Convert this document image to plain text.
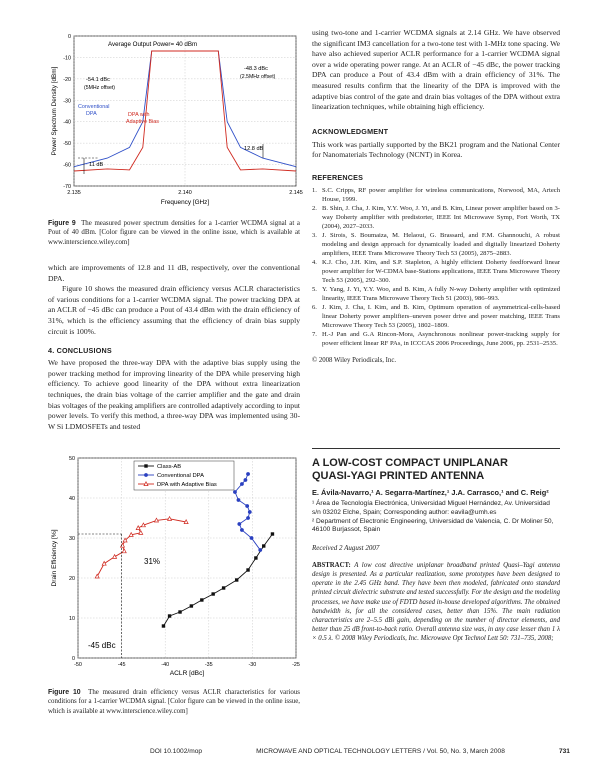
0
-10
-20
-30
-40
-50
-60
-70
2.135	2.140	2.145
Average Output Power= 40 dBm
-54.1 dBc
(5MHz offset)
-48.3 dBc
(2.5MHz offset)
Conventional
DPA	DPA with
Adaptive Bias
12.8 dB
11 dB
Frequency [GHz]
Power Spectrum Density [dBm]

Figure 9 The measured power spectrum densities for a 1-carrier WCDMA signal at a Pout of 40 dBm. [Color figure can be viewed in the online issue, which is available at www.interscience.wiley.com]

which are improvements of 12.8 and 11 dB, respectively, over the conventional DPA.

Figure 10 shows the measured drain efficiency versus ACLR characteristics of various conditions for a 1-carrier WCDMA signal. The power tracking DPA at an ACLR of −45 dBc can produce a Pout of 43.4 dBm with the drain efficiency of 31%, which is the efficiency assuming that the efficiency of drain bias supply circuit is 100%.

4. CONCLUSIONS

We have proposed the three-way DPA with the adaptive bias supply using the power tracking method for improving linearity of the DPA while preserving high efficiency. To achieve good linearity of the DPA without extra linearization techniques, the drain bias voltage of the carrier amplifier and the gate and drain bias voltages of the peaking amplifiers are controlled adaptively according to input power levels. To verify this method, a three-way DPA was implemented using 30-W Si LDMOSFETs and tested

0
10
20
30
40
50
-50	-45	-40	-35	-30	-25
Class-AB
Conventional DPA
DPA with Adaptive Bias
31%
-45 dBc
ACLR [dBc]
Drain Efficiency [%]

Figure 10 The measured drain efficiency versus ACLR characteristics for various conditions for a 1-carrier WCDMA signal. [Color figure can be viewed in the online issue, which is available at www.interscience.wiley.com]

using two-tone and 1-carrier WCDMA signals at 2.14 GHz. We have observed the significant IM3 cancellation for a two-tone test with 1-MHz tone spacing. We have also achieved superior ACLR performance for a 1-carrier WCDMA signal over a wide operating power range. At an ACLR of −45 dBc, the power tracking DPA can produce a Pout of 43.4 dBm with a drain efficiency of 31%. The measured results confirm that the linearity of the DPA is improved with the adaptive bias control of the gate and drain bias voltages of the DPA without extra linearization techniques, while obtaining high efficiency.

ACKNOWLEDGMENT

This work was partially supported by the BK21 program and the National Center for Nanomaterials Technology (NCNT) in Korea.

REFERENCES

1. S.C. Cripps, RF power amplifier for wireless communications, Norwood, MA, Artech House, 1999.
2. B. Shin, J. Cha, J. Kim, Y.Y. Woo, J. Yi, and B. Kim, Linear power amplifier based on 3-way Doherty amplifier with predistorter, IEEE Int Microwave Symp, Fort Worth, TX (2004), 2027–2033.
3. J. Sirois, S. Boumaiza, M. Helaoui, G. Brassard, and F.M. Ghannouchi, A robust modeling and design approach for dynamically loaded and digitally linearized Doherty amplifiers, IEEE Trans Microwave Theory Tech 53 (2005), 2875–2883.
4. K.J. Cho, J.H. Kim, and S.P. Stapleton, A highly efficient Doherty feedforward linear power amplifier for W-CDMA base-Stations applications, IEEE Trans Microwave Theory Tech 53 (2005), 292–300.
5. Y. Yang, J. Yi, Y.Y. Woo, and B. Kim, A fully N-way Doherty amplifier with optimized linearity, IEEE Trans Microwave Theory Tech 51 (2003), 986–993.
6. J. Kim, J. Cha, I. Kim, and B. Kim, Optimum operation of asymmetrical-cells-based linear Doherty power amplifiers–uneven power drive and power matching, IEEE Trans Microwave Theory Tech 53 (2005), 1802–1809.
7. H.-J Pan and G.A Rincon-Mora, Asynchronous nonlinear power-tracking supply for power efficient linear RF PAs, in ICCCAS 2006 Proceedings, June 2006, pp. 2531–2535.

© 2008 Wiley Periodicals, Inc.

A LOW-COST COMPACT UNIPLANAR

QUASI-YAGI PRINTED ANTENNA

E. Ávila-Navarro,¹ A. Segarra-Martínez,¹ J.A. Carrasco,¹ and C. Reig²

¹ Área de Tecnología Electrónica, Universidad Miguel Hernández, Av. Universidad s/n 03202 Elche, Spain; Corresponding author: eavila@umh.es

² Department of Electronic Engineering, Universidad de Valencia, C. Dr Moliner 50, 46100 Burjassot, Spain

Received 2 August 2007

ABSTRACT: A low cost directive uniplanar broadband printed Quasi–Yagi antenna design is presented. As a particular realization, some prototypes have been designed to operate in the 2.45 GHz band. They have been then modeled, fabricated onto standard printed circuit dielectric substrate and tested successfully. For the design and the modeling processes, we have make use of FDTD based in-house developed algorithms. The obtained bandwidth is, for all the considered cases, better than 15%. The main radiation characteristics are 2–5.5 dBi gain, depending on the number of director elements, and better than 25 dB front-to-back ratio. Overall antenna size was, in any case lesser than 1 λ × 0.5 λ. © 2008 Wiley Periodicals, Inc. Microwave Opt Technol Lett 50: 731–735, 2008;

DOI 10.1002/mop	MICROWAVE AND OPTICAL TECHNOLOGY LETTERS / Vol. 50, No. 3, March 2008	731
